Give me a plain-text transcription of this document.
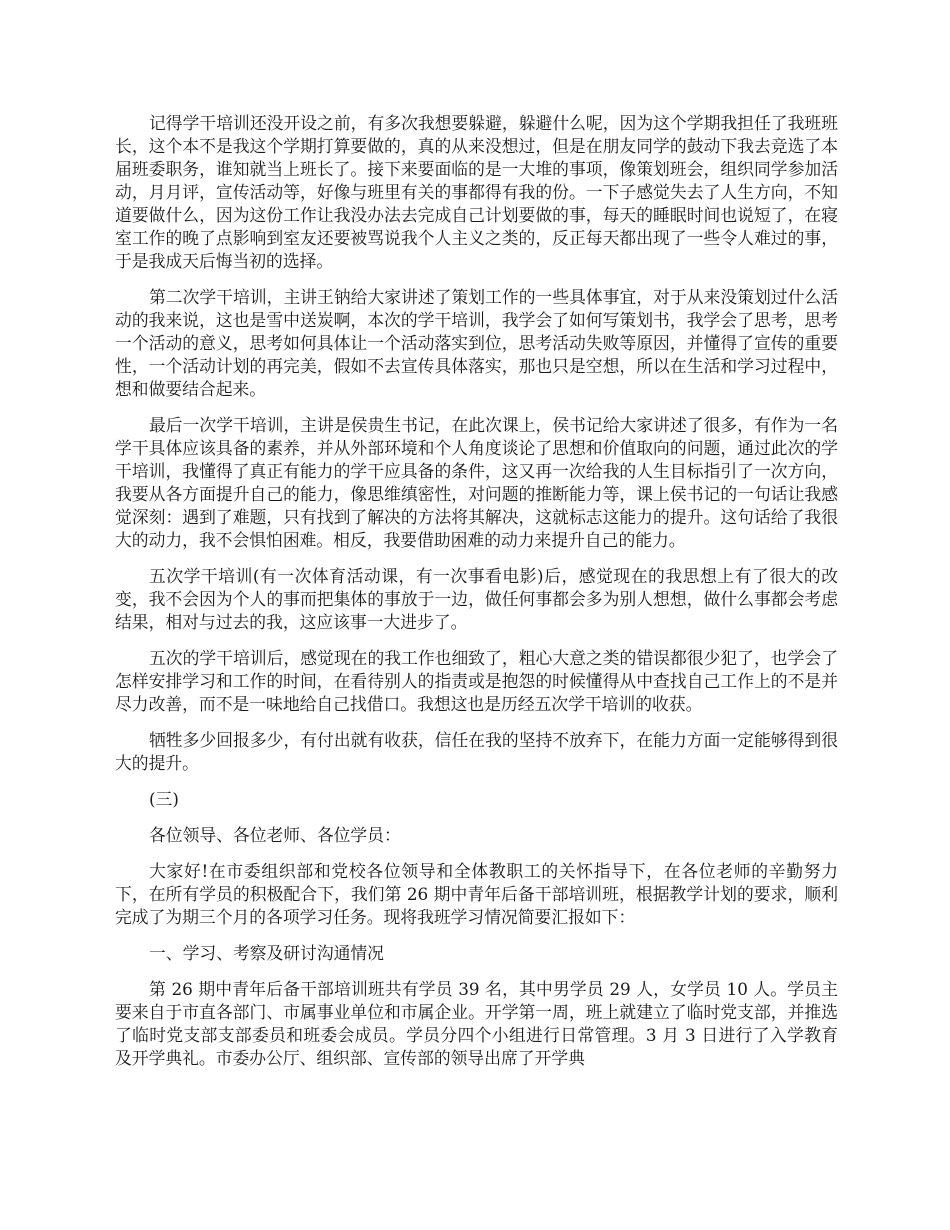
记得学干培训还没开设之前，有多次我想要躲避，躲避什么呢，因为这个学期我担任了我班班长，这个本不是我这个学期打算要做的，真的从来没想过，但是在朋友同学的鼓动下我去竞选了本届班委职务，谁知就当上班长了。接下来要面临的是一大堆的事项，像策划班会，组织同学参加活动，月月评，宣传活动等，好像与班里有关的事都得有我的份。一下子感觉失去了人生方向，不知道要做什么，因为这份工作让我没办法去完成自己计划要做的事，每天的睡眠时间也说短了，在寝室工作的晚了点影响到室友还要被骂说我个人主义之类的，反正每天都出现了一些令人难过的事，于是我成天后悔当初的选择。

第二次学干培训，主讲王钠给大家讲述了策划工作的一些具体事宜，对于从来没策划过什么活动的我来说，这也是雪中送炭啊，本次的学干培训，我学会了如何写策划书，我学会了思考，思考一个活动的意义，思考如何具体让一个活动落实到位，思考活动失败等原因，并懂得了宣传的重要性，一个活动计划的再完美，假如不去宣传具体落实，那也只是空想，所以在生活和学习过程中，想和做要结合起来。

最后一次学干培训，主讲是侯贵生书记，在此次课上，侯书记给大家讲述了很多，有作为一名学干具体应该具备的素养，并从外部环境和个人角度谈论了思想和价值取向的问题，通过此次的学干培训，我懂得了真正有能力的学干应具备的条件，这又再一次给我的人生目标指引了一次方向，我要从各方面提升自己的能力，像思维缜密性，对问题的推断能力等，课上侯书记的一句话让我感觉深刻：遇到了难题，只有找到了解决的方法将其解决，这就标志这能力的提升。这句话给了我很大的动力，我不会惧怕困难。相反，我要借助困难的动力来提升自己的能力。

五次学干培训(有一次体育活动课，有一次事看电影)后，感觉现在的我思想上有了很大的改变，我不会因为个人的事而把集体的事放于一边，做任何事都会多为别人想想，做什么事都会考虑结果，相对与过去的我，这应该事一大进步了。

五次的学干培训后，感觉现在的我工作也细致了，粗心大意之类的错误都很少犯了，也学会了怎样安排学习和工作的时间，在看待别人的指责或是抱怨的时候懂得从中查找自己工作上的不是并尽力改善，而不是一味地给自己找借口。我想这也是历经五次学干培训的收获。

牺牲多少回报多少，有付出就有收获，信任在我的坚持不放弃下，在能力方面一定能够得到很大的提升。

(三)

各位领导、各位老师、各位学员：

大家好!在市委组织部和党校各位领导和全体教职工的关怀指导下，在各位老师的辛勤努力下，在所有学员的积极配合下，我们第 26 期中青年后备干部培训班，根据教学计划的要求，顺利完成了为期三个月的各项学习任务。现将我班学习情况简要汇报如下：

一、学习、考察及研讨沟通情况

第 26 期中青年后备干部培训班共有学员 39 名，其中男学员 29 人，女学员 10 人。学员主要来自于市直各部门、市属事业单位和市属企业。开学第一周，班上就建立了临时党支部，并推选了临时党支部支部委员和班委会成员。学员分四个小组进行日常管理。3 月 3 日进行了入学教育及开学典礼。市委办公厅、组织部、宣传部的领导出席了开学典
